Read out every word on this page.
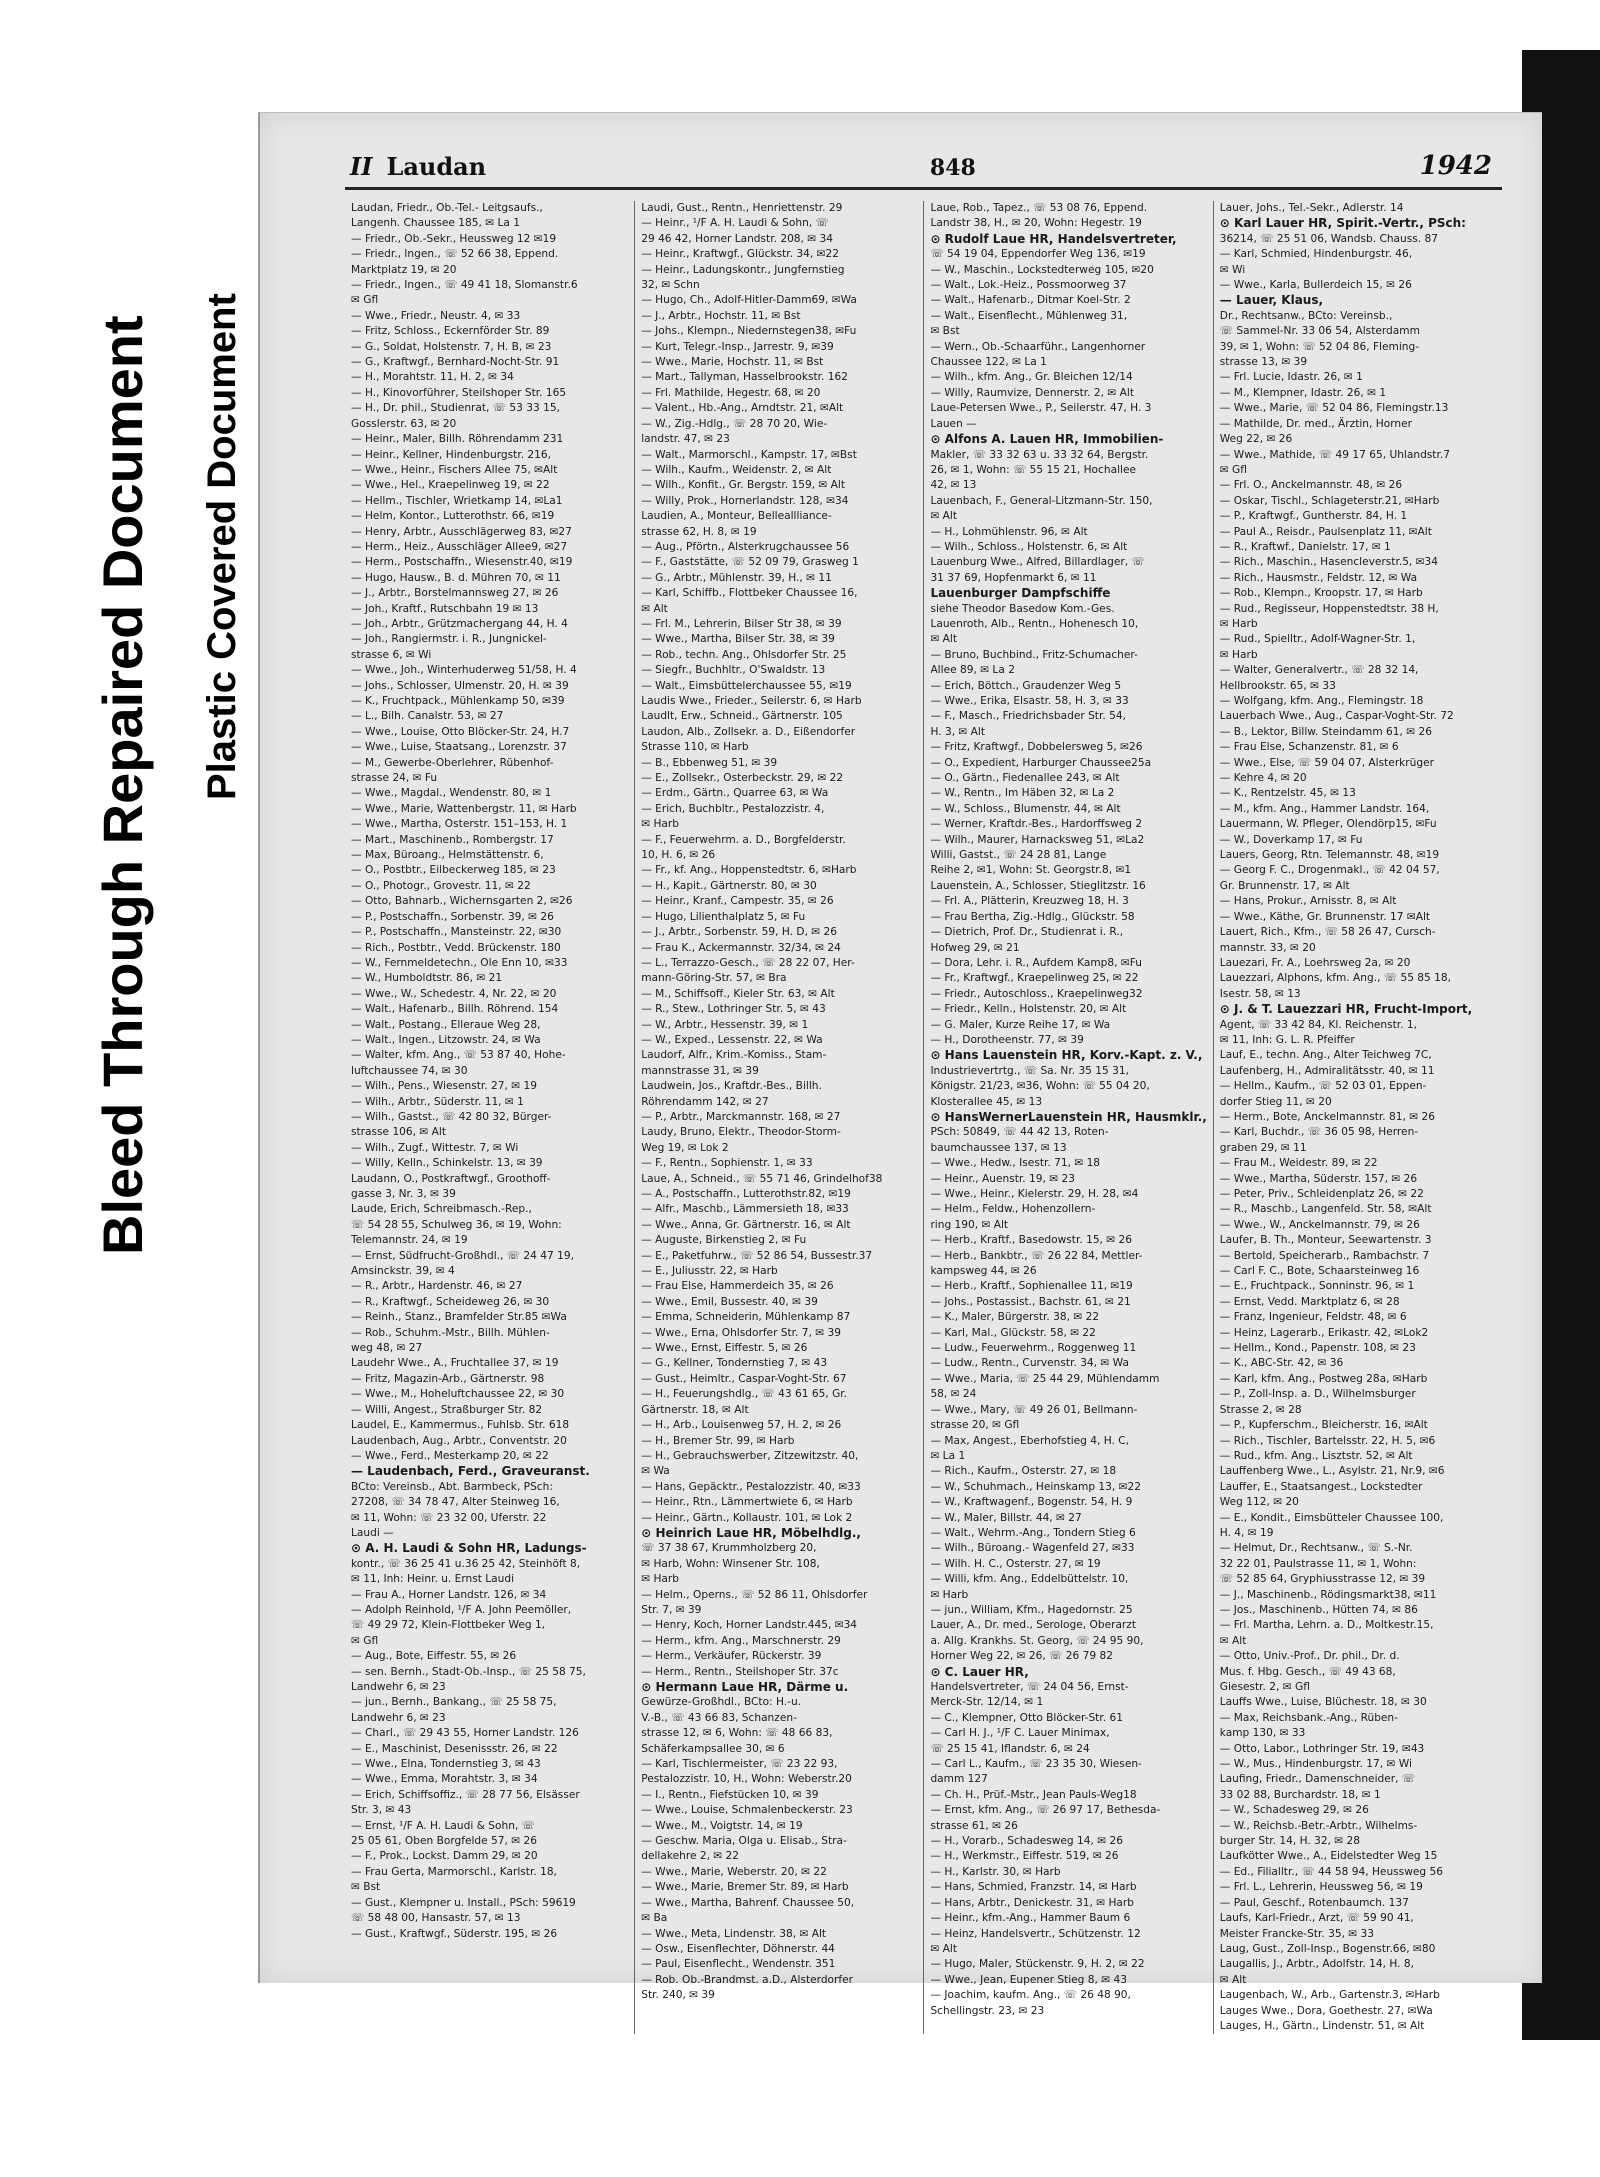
Bleed Through Repaired Document Plastic Covered Document
II Laudan	848	1942
Laudan, Friedr., Ob.-Tel.- Leitgsaufs.,
Langenh. Chaussee 185, ✉ La 1
— Friedr., Ob.-Sekr., Heussweg 12 ✉19
— Friedr., Ingen., ☏ 52 66 38, Eppend.
Marktplatz 19, ✉ 20
— Friedr., Ingen., ☏ 49 41 18, Slomanstr.6
✉ Gfl
— Wwe., Friedr., Neustr. 4, ✉ 33
— Fritz, Schloss., Eckernförder Str. 89
— G., Soldat, Holstenstr. 7, H. B, ✉ 23
— G., Kraftwgf., Bernhard-Nocht-Str. 91
— H., Morahtstr. 11, H. 2, ✉ 34
— H., Kinovorführer, Steilshoper Str. 165
— H., Dr. phil., Studienrat, ☏ 53 33 15,
Gosslerstr. 63, ✉ 20
— Heinr., Maler, Billh. Röhrendamm 231
— Heinr., Kellner, Hindenburgstr. 216,
— Wwe., Heinr., Fischers Allee 75, ✉Alt
— Wwe., Hel., Kraepelinweg 19, ✉ 22
— Hellm., Tischler, Wrietkamp 14, ✉La1
— Helm, Kontor., Lutterothstr. 66, ✉19
— Henry, Arbtr., Ausschlägerweg 83, ✉27
— Herm., Heiz., Ausschläger Allee9, ✉27
— Herm., Postschaffn., Wiesenstr.40, ✉19
— Hugo, Hausw., B. d. Mühren 70, ✉ 11
— J., Arbtr., Borstelmannsweg 27, ✉ 26
— Joh., Kraftf., Rutschbahn 19 ✉ 13
— Joh., Arbtr., Grützmachergang 44, H. 4
— Joh., Rangiermstr. i. R., Jungnickel-
strasse 6, ✉ Wi
— Wwe., Joh., Winterhuderweg 51/58, H. 4
— Johs., Schlosser, Ulmenstr. 20, H. ✉ 39
— K., Fruchtpack., Mühlenkamp 50, ✉39
— L., Bilh. Canalstr. 53, ✉ 27
— Wwe., Louise, Otto Blöcker-Str. 24, H.7
— Wwe., Luise, Staatsang., Lorenzstr. 37
— M., Gewerbe-Oberlehrer, Rübenhof-
strasse 24, ✉ Fu
— Wwe., Magdal., Wendenstr. 80, ✉ 1
— Wwe., Marie, Wattenbergstr. 11, ✉ Harb
— Wwe., Martha, Osterstr. 151–153, H. 1
— Mart., Maschinenb., Rombergstr. 17
— Max, Büroang., Helmstättenstr. 6,
— O., Postbtr., Eilbeckerweg 185, ✉ 23
— O., Photogr., Grovestr. 11, ✉ 22
— Otto, Bahnarb., Wichernsgarten 2, ✉26
— P., Postschaffn., Sorbenstr. 39, ✉ 26
— P., Postschaffn., Mansteinstr. 22, ✉30
— Rich., Postbtr., Vedd. Brückenstr. 180
— W., Fernmeldetechn., Ole Enn 10, ✉33
— W., Humboldtstr. 86, ✉ 21
— Wwe., W., Schedestr. 4, Nr. 22, ✉ 20
— Walt., Hafenarb., Billh. Röhrend. 154
— Walt., Postang., Elleraue Weg 28,
— Walt., Ingen., Litzowstr. 24, ✉ Wa
— Walter, kfm. Ang., ☏ 53 87 40, Hohe-
luftchaussee 74, ✉ 30
— Wilh., Pens., Wiesenstr. 27, ✉ 19
— Wilh., Arbtr., Süderstr. 11, ✉ 1
— Wilh., Gastst., ☏ 42 80 32, Bürger-
strasse 106, ✉ Alt
— Wilh., Zugf., Wittestr. 7, ✉ Wi
— Willy, Kelln., Schinkelstr. 13, ✉ 39
Laudann, O., Postkraftwgf., Groothoff-
gasse 3, Nr. 3, ✉ 39
Laude, Erich, Schreibmasch.-Rep.,
☏ 54 28 55, Schulweg 36, ✉ 19, Wohn:
Telemannstr. 24, ✉ 19
— Ernst, Südfrucht-Großhdl., ☏ 24 47 19,
Amsinckstr. 39, ✉ 4
— R., Arbtr., Hardenstr. 46, ✉ 27
— R., Kraftwgf., Scheideweg 26, ✉ 30
— Reinh., Stanz., Bramfelder Str.85 ✉Wa
— Rob., Schuhm.-Mstr., Billh. Mühlen-
weg 48, ✉ 27
Laudehr Wwe., A., Fruchtallee 37, ✉ 19
— Fritz, Magazin-Arb., Gärtnerstr. 98
— Wwe., M., Hoheluftchaussee 22, ✉ 30
— Willi, Angest., Straßburger Str. 82
Laudel, E., Kammermus., Fuhlsb. Str. 618
Laudenbach, Aug., Arbtr., Conventstr. 20
— Wwe., Ferd., Mesterkamp 20, ✉ 22
— Laudenbach, Ferd., Graveuranst.
BCto: Vereinsb., Abt. Barmbeck, PSch:
27208, ☏ 34 78 47, Alter Steinweg 16,
✉ 11, Wohn: ☏ 23 32 00, Uferstr. 22
Laudi —
⊙ A. H. Laudi & Sohn HR, Ladungs-
kontr., ☏ 36 25 41 u.36 25 42, Steinhöft 8,
✉ 11, Inh: Heinr. u. Ernst Laudi
— Frau A., Horner Landstr. 126, ✉ 34
— Adolph Reinhold, ¹/F A. John Peemöller,
☏ 49 29 72, Klein-Flottbeker Weg 1,
✉ Gfl
— Aug., Bote, Eiffestr. 55, ✉ 26
— sen. Bernh., Stadt-Ob.-Insp., ☏ 25 58 75,
Landwehr 6, ✉ 23
— jun., Bernh., Bankang., ☏ 25 58 75,
Landwehr 6, ✉ 23
— Charl., ☏ 29 43 55, Horner Landstr. 126
— E., Maschinist, Desenissstr. 26, ✉ 22
— Wwe., Elna, Tondernstieg 3, ✉ 43
— Wwe., Emma, Morahtstr. 3, ✉ 34
— Erich, Schiffsoffiz., ☏ 28 77 56, Elsässer
Str. 3, ✉ 43
— Ernst, ¹/F A. H. Laudi & Sohn, ☏
25 05 61, Oben Borgfelde 57, ✉ 26
— F., Prok., Lockst. Damm 29, ✉ 20
— Frau Gerta, Marmorschl., Karlstr. 18,
✉ Bst
— Gust., Klempner u. Install., PSch: 59619
☏ 58 48 00, Hansastr. 57, ✉ 13
— Gust., Kraftwgf., Süderstr. 195, ✉ 26
Laudi, Gust., Rentn., Henriettenstr. 29
— Heinr., ¹/F A. H. Laudi & Sohn, ☏
29 46 42, Horner Landstr. 208, ✉ 34
— Heinr., Kraftwgf., Glückstr. 34, ✉22
— Heinr., Ladungskontr., Jungfernstieg
32, ✉ Schn
— Hugo, Ch., Adolf-Hitler-Damm69, ✉Wa
— J., Arbtr., Hochstr. 11, ✉ Bst
— Johs., Klempn., Niedernstegen38, ✉Fu
— Kurt, Telegr.-Insp., Jarrestr. 9, ✉39
— Wwe., Marie, Hochstr. 11, ✉ Bst
— Mart., Tallyman, Hasselbrookstr. 162
— Frl. Mathilde, Hegestr. 68, ✉ 20
— Valent., Hb.-Ang., Arndtstr. 21, ✉Alt
— W., Zig.-Hdlg., ☏ 28 70 20, Wie-
landstr. 47, ✉ 23
— Walt., Marmorschl., Kampstr. 17, ✉Bst
— Wilh., Kaufm., Weidenstr. 2, ✉ Alt
— Wilh., Konfit., Gr. Bergstr. 159, ✉ Alt
— Willy, Prok., Hornerlandstr. 128, ✉34
Laudien, A., Monteur, Belleallliance-
strasse 62, H. 8, ✉ 19
— Aug., Pförtn., Alsterkrugchaussee 56
— F., Gaststätte, ☏ 52 09 79, Grasweg 1
— G., Arbtr., Mühlenstr. 39, H., ✉ 11
— Karl, Schiffb., Flottbeker Chaussee 16,
✉ Alt
— Frl. M., Lehrerin, Bilser Str 38, ✉ 39
— Wwe., Martha, Bilser Str. 38, ✉ 39
— Rob., techn. Ang., Ohlsdorfer Str. 25
— Siegfr., Buchhltr., O'Swaldstr. 13
— Walt., Eimsbüttelerchaussee 55, ✉19
Laudis Wwe., Frieder., Seilerstr. 6, ✉ Harb
Laudlt, Erw., Schneid., Gärtnerstr. 105
Laudon, Alb., Zollsekr. a. D., Eißendorfer
Strasse 110, ✉ Harb
— B., Ebbenweg 51, ✉ 39
— E., Zollsekr., Osterbeckstr. 29, ✉ 22
— Erdm., Gärtn., Quarree 63, ✉ Wa
— Erich, Buchbltr., Pestalozzistr. 4,
✉ Harb
— F., Feuerwehrm. a. D., Borgfelderstr.
10, H. 6, ✉ 26
— Fr., kf. Ang., Hoppenstedtstr. 6, ✉Harb
— H., Kapit., Gärtnerstr. 80, ✉ 30
— Heinr., Kranf., Campestr. 35, ✉ 26
— Hugo, Lilienthalplatz 5, ✉ Fu
— J., Arbtr., Sorbenstr. 59, H. D, ✉ 26
— Frau K., Ackermannstr. 32/34, ✉ 24
— L., Terrazzo-Gesch., ☏ 28 22 07, Her-
mann-Göring-Str. 57, ✉ Bra
— M., Schiffsoff., Kieler Str. 63, ✉ Alt
— R., Stew., Lothringer Str. 5, ✉ 43
— W., Arbtr., Hessenstr. 39, ✉ 1
— W., Exped., Lessenstr. 22, ✉ Wa
Laudorf, Alfr., Krim.-Komiss., Stam-
mannstrasse 31, ✉ 39
Laudwein, Jos., Kraftdr.-Bes., Billh.
Röhrendamm 142, ✉ 27
— P., Arbtr., Marckmannstr. 168, ✉ 27
Laudy, Bruno, Elektr., Theodor-Storm-
Weg 19, ✉ Lok 2
— F., Rentn., Sophienstr. 1, ✉ 33
Laue, A., Schneid., ☏ 55 71 46, Grindelhof38
— A., Postschaffn., Lutterothstr.82, ✉19
— Alfr., Maschb., Lämmersieth 18, ✉33
— Wwe., Anna, Gr. Gärtnerstr. 16, ✉ Alt
— Auguste, Birkenstieg 2, ✉ Fu
— E., Paketfuhrw., ☏ 52 86 54, Bussestr.37
— E., Juliusstr. 22, ✉ Harb
— Frau Else, Hammerdeich 35, ✉ 26
— Wwe., Emil, Bussestr. 40, ✉ 39
— Emma, Schneiderin, Mühlenkamp 87
— Wwe., Erna, Ohlsdorfer Str. 7, ✉ 39
— Wwe., Ernst, Eiffestr. 5, ✉ 26
— G., Kellner, Tondernstieg 7, ✉ 43
— Gust., Heimltr., Caspar-Voght-Str. 67
— H., Feuerungshdlg., ☏ 43 61 65, Gr.
Gärtnerstr. 18, ✉ Alt
— H., Arb., Louisenweg 57, H. 2, ✉ 26
— H., Bremer Str. 99, ✉ Harb
— H., Gebrauchswerber, Zitzewitzstr. 40,
✉ Wa
— Hans, Gepäcktr., Pestalozzistr. 40, ✉33
— Heinr., Rtn., Lämmertwiete 6, ✉ Harb
— Heinr., Gärtn., Kollaustr. 101, ✉ Lok 2
⊙ Heinrich Laue HR, Möbelhdlg.,
☏ 37 38 67, Krummholzberg 20,
✉ Harb, Wohn: Winsener Str. 108,
✉ Harb
— Helm., Operns., ☏ 52 86 11, Ohlsdorfer
Str. 7, ✉ 39
— Henry, Koch, Horner Landstr.445, ✉34
— Herm., kfm. Ang., Marschnerstr. 29
— Herm., Verkäufer, Rückerstr. 39
— Herm., Rentn., Steilshoper Str. 37c
⊙ Hermann Laue HR, Därme u.
Gewürze-Großhdl., BCto: H.-u.
V.-B., ☏ 43 66 83, Schanzen-
strasse 12, ✉ 6, Wohn: ☏ 48 66 83,
Schäferkampsallee 30, ✉ 6
— Karl, Tischlermeister, ☏ 23 22 93,
Pestalozzistr. 10, H., Wohn: Weberstr.20
— I., Rentn., Fiefstücken 10, ✉ 39
— Wwe., Louise, Schmalenbeckerstr. 23
— Wwe., M., Voigtstr. 14, ✉ 19
— Geschw. Maria, Olga u. Elisab., Stra-
dellakehre 2, ✉ 22
— Wwe., Marie, Weberstr. 20, ✉ 22
— Wwe., Marie, Bremer Str. 89, ✉ Harb
— Wwe., Martha, Bahrenf. Chaussee 50,
✉ Ba
— Wwe., Meta, Lindenstr. 38, ✉ Alt
— Osw., Eisenflechter, Döhnerstr. 44
— Paul, Eisenflecht., Wendenstr. 351
— Rob. Ob.-Brandmst. a.D., Alsterdorfer
Str. 240, ✉ 39
Laue, Rob., Tapez., ☏ 53 08 76, Eppend.
Landstr 38, H., ✉ 20, Wohn: Hegestr. 19
⊙ Rudolf Laue HR, Handelsvertreter,
☏ 54 19 04, Eppendorfer Weg 136, ✉19
— W., Maschin., Lockstedterweg 105, ✉20
— Walt., Lok.-Heiz., Possmoorweg 37
— Walt., Hafenarb., Ditmar Koel-Str. 2
— Walt., Eisenflecht., Mühlenweg 31,
✉ Bst
— Wern., Ob.-Schaarführ., Langenhorner
Chaussee 122, ✉ La 1
— Wilh., kfm. Ang., Gr. Bleichen 12/14
— Willy, Raumvize, Dennerstr. 2, ✉ Alt
Laue-Petersen Wwe., P., Seilerstr. 47, H. 3
Lauen —
⊙ Alfons A. Lauen HR, Immobilien-
Makler, ☏ 33 32 63 u. 33 32 64, Bergstr.
26, ✉ 1, Wohn: ☏ 55 15 21, Hochallee
42, ✉ 13
Lauenbach, F., General-Litzmann-Str. 150,
✉ Alt
— H., Lohmühlenstr. 96, ✉ Alt
— Wilh., Schloss., Holstenstr. 6, ✉ Alt
Lauenburg Wwe., Alfred, Billardlager, ☏
31 37 69, Hopfenmarkt 6, ✉ 11
Lauenburger Dampfschiffe
siehe Theodor Basedow Kom.-Ges.
Lauenroth, Alb., Rentn., Hohenesch 10,
✉ Alt
— Bruno, Buchbind., Fritz-Schumacher-
Allee 89, ✉ La 2
— Erich, Böttch., Graudenzer Weg 5
— Wwe., Erika, Elsastr. 58, H. 3, ✉ 33
— F., Masch., Friedrichsbader Str. 54,
H. 3, ✉ Alt
— Fritz, Kraftwgf., Dobbelersweg 5, ✉26
— O., Expedient, Harburger Chaussee25a
— O., Gärtn., Fiedenallee 243, ✉ Alt
— W., Rentn., Im Häben 32, ✉ La 2
— W., Schloss., Blumenstr. 44, ✉ Alt
— Werner, Kraftdr.-Bes., Hardorffsweg 2
— Wilh., Maurer, Harnacksweg 51, ✉La2
Willi, Gastst., ☏ 24 28 81, Lange
Reihe 2, ✉1, Wohn: St. Georgstr.8, ✉1
Lauenstein, A., Schlosser, Stieglitzstr. 16
— Frl. A., Plätterin, Kreuzweg 18, H. 3
— Frau Bertha, Zig.-Hdlg., Glückstr. 58
— Dietrich, Prof. Dr., Studienrat i. R.,
Hofweg 29, ✉ 21
— Dora, Lehr. i. R., Aufdem Kamp8, ✉Fu
— Fr., Kraftwgf., Kraepelinweg 25, ✉ 22
— Friedr., Autoschloss., Kraepelinweg32
— Friedr., Kelln., Holstenstr. 20, ✉ Alt
— G. Maler, Kurze Reihe 17, ✉ Wa
— H., Dorotheenstr. 77, ✉ 39
⊙ Hans Lauenstein HR, Korv.-Kapt. z. V.,
Industrievertrtg., ☏ Sa. Nr. 35 15 31,
Königstr. 21/23, ✉36, Wohn: ☏ 55 04 20,
Klosterallee 45, ✉ 13
⊙ HansWernerLauenstein HR, Hausmklr.,
PSch: 50849, ☏ 44 42 13, Roten-
baumchaussee 137, ✉ 13
— Wwe., Hedw., Isestr. 71, ✉ 18
— Heinr., Auenstr. 19, ✉ 23
— Wwe., Heinr., Kielerstr. 29, H. 28, ✉4
— Helm., Feldw., Hohenzollern-
ring 190, ✉ Alt
— Herb., Kraftf., Basedowstr. 15, ✉ 26
— Herb., Bankbtr., ☏ 26 22 84, Mettler-
kampsweg 44, ✉ 26
— Herb., Kraftf., Sophienallee 11, ✉19
— Johs., Postassist., Bachstr. 61, ✉ 21
— K., Maler, Bürgerstr. 38, ✉ 22
— Karl, Mal., Glückstr. 58, ✉ 22
— Ludw., Feuerwehrm., Roggenweg 11
— Ludw., Rentn., Curvenstr. 34, ✉ Wa
— Wwe., Maria, ☏ 25 44 29, Mühlendamm
58, ✉ 24
— Wwe., Mary, ☏ 49 26 01, Bellmann-
strasse 20, ✉ Gfl
— Max, Angest., Eberhofstieg 4, H. C,
✉ La 1
— Rich., Kaufm., Osterstr. 27, ✉ 18
— W., Schuhmach., Heinskamp 13, ✉22
— W., Kraftwagenf., Bogenstr. 54, H. 9
— W., Maler, Billstr. 44, ✉ 27
— Walt., Wehrm.-Ang., Tondern Stieg 6
— Wilh., Büroang.- Wagenfeld 27, ✉33
— Wilh. H. C., Osterstr. 27, ✉ 19
— Willi, kfm. Ang., Eddelbüttelstr. 10,
✉ Harb
— jun., William, Kfm., Hagedornstr. 25
Lauer, A., Dr. med., Serologe, Oberarzt
a. Allg. Krankhs. St. Georg, ☏ 24 95 90,
Horner Weg 22, ✉ 26, ☏ 26 79 82
⊙ C. Lauer HR,
Handelsvertreter, ☏ 24 04 56, Ernst-
Merck-Str. 12/14, ✉ 1
— C., Klempner, Otto Blöcker-Str. 61
— Carl H. J., ¹/F C. Lauer Minimax,
☏ 25 15 41, Iflandstr. 6, ✉ 24
— Carl L., Kaufm., ☏ 23 35 30, Wiesen-
damm 127
— Ch. H., Prüf.-Mstr., Jean Pauls-Weg18
— Ernst, kfm. Ang., ☏ 26 97 17, Bethesda-
strasse 61, ✉ 26
— H., Vorarb., Schadesweg 14, ✉ 26
— H., Werkmstr., Eiffestr. 519, ✉ 26
— H., Karlstr. 30, ✉ Harb
— Hans, Schmied, Franzstr. 14, ✉ Harb
— Hans, Arbtr., Denickestr. 31, ✉ Harb
— Heinr., kfm.-Ang., Hammer Baum 6
— Heinz, Handelsvertr., Schützenstr. 12
✉ Alt
— Hugo, Maler, Stückenstr. 9, H. 2, ✉ 22
— Wwe., Jean, Eupener Stieg 8, ✉ 43
— Joachim, kaufm. Ang., ☏ 26 48 90,
Schellingstr. 23, ✉ 23
Lauer, Johs., Tel.-Sekr., Adlerstr. 14
⊙ Karl Lauer HR, Spirit.-Vertr., PSch:
36214, ☏ 25 51 06, Wandsb. Chauss. 87
— Karl, Schmied, Hindenburgstr. 46,
✉ Wi
— Wwe., Karla, Bullerdeich 15, ✉ 26
— Lauer, Klaus,
Dr., Rechtsanw., BCto: Vereinsb.,
☏ Sammel-Nr. 33 06 54, Alsterdamm
39, ✉ 1, Wohn: ☏ 52 04 86, Fleming-
strasse 13, ✉ 39
— Frl. Lucie, Idastr. 26, ✉ 1
— M., Klempner, Idastr. 26, ✉ 1
— Wwe., Marie, ☏ 52 04 86, Flemingstr.13
— Mathilde, Dr. med., Ärztin, Horner
Weg 22, ✉ 26
— Wwe., Mathide, ☏ 49 17 65, Uhlandstr.7
✉ Gfl
— Frl. O., Anckelmannstr. 48, ✉ 26
— Oskar, Tischl., Schlageterstr.21, ✉Harb
— P., Kraftwgf., Guntherstr. 84, H. 1
— Paul A., Reisdr., Paulsenplatz 11, ✉Alt
— R., Kraftwf., Danielstr. 17, ✉ 1
— Rich., Maschin., Hasencleverstr.5, ✉34
— Rich., Hausmstr., Feldstr. 12, ✉ Wa
— Rob., Klempn., Kroopstr. 17, ✉ Harb
— Rud., Regisseur, Hoppenstedtstr. 38 H,
✉ Harb
— Rud., Spielltr., Adolf-Wagner-Str. 1,
✉ Harb
— Walter, Generalvertr., ☏ 28 32 14,
Hellbrookstr. 65, ✉ 33
— Wolfgang, kfm. Ang., Flemingstr. 18
Lauerbach Wwe., Aug., Caspar-Voght-Str. 72
— B., Lektor, Billw. Steindamm 61, ✉ 26
— Frau Else, Schanzenstr. 81, ✉ 6
— Wwe., Else, ☏ 59 04 07, Alsterkrüger
— Kehre 4, ✉ 20
— K., Rentzelstr. 45, ✉ 13
— M., kfm. Ang., Hammer Landstr. 164,
Lauermann, W. Pfleger, Olendörp15, ✉Fu
— W., Doverkamp 17, ✉ Fu
Lauers, Georg, Rtn. Telemannstr. 48, ✉19
— Georg F. C., Drogenmakl., ☏ 42 04 57,
Gr. Brunnenstr. 17, ✉ Alt
— Hans, Prokur., Arnisstr. 8, ✉ Alt
— Wwe., Käthe, Gr. Brunnenstr. 17 ✉Alt
Lauert, Rich., Kfm., ☏ 58 26 47, Cursch-
mannstr. 33, ✉ 20
Lauezari, Fr. A., Loehrsweg 2a, ✉ 20
Lauezzari, Alphons, kfm. Ang., ☏ 55 85 18,
Isestr. 58, ✉ 13
⊙ J. & T. Lauezzari HR, Frucht-Import,
Agent, ☏ 33 42 84, Kl. Reichenstr. 1,
✉ 11, Inh: G. L. R. Pfeiffer
Lauf, E., techn. Ang., Alter Teichweg 7C,
Laufenberg, H., Admiralitätsstr. 40, ✉ 11
— Hellm., Kaufm., ☏ 52 03 01, Eppen-
dorfer Stieg 11, ✉ 20
— Herm., Bote, Anckelmannstr. 81, ✉ 26
— Karl, Buchdr., ☏ 36 05 98, Herren-
graben 29, ✉ 11
— Frau M., Weidestr. 89, ✉ 22
— Wwe., Martha, Süderstr. 157, ✉ 26
— Peter, Priv., Schleidenplatz 26, ✉ 22
— R., Maschb., Langenfeld. Str. 58, ✉Alt
— Wwe., W., Anckelmannstr. 79, ✉ 26
Laufer, B. Th., Monteur, Seewartenstr. 3
— Bertold, Speicherarb., Rambachstr. 7
— Carl F. C., Bote, Schaarsteinweg 16
— E., Fruchtpack., Sonninstr. 96, ✉ 1
— Ernst, Vedd. Marktplatz 6, ✉ 28
— Franz, Ingenieur, Feldstr. 48, ✉ 6
— Heinz, Lagerarb., Erikastr. 42, ✉Lok2
— Hellm., Kond., Papenstr. 108, ✉ 23
— K., ABC-Str. 42, ✉ 36
— Karl, kfm. Ang., Postweg 28a, ✉Harb
— P., Zoll-Insp. a. D., Wilhelmsburger
Strasse 2, ✉ 28
— P., Kupferschm., Bleicherstr. 16, ✉Alt
— Rich., Tischler, Bartelsstr. 22, H. 5, ✉6
— Rud., kfm. Ang., Lisztstr. 52, ✉ Alt
Lauffenberg Wwe., L., Asylstr. 21, Nr.9, ✉6
Lauffer, E., Staatsangest., Lockstedter
Weg 112, ✉ 20
— E., Kondit., Eimsbütteler Chaussee 100,
H. 4, ✉ 19
— Helmut, Dr., Rechtsanw., ☏ S.-Nr.
32 22 01, Paulstrasse 11, ✉ 1, Wohn:
☏ 52 85 64, Gryphiusstrasse 12, ✉ 39
— J., Maschinenb., Rödingsmarkt38, ✉11
— Jos., Maschinenb., Hütten 74, ✉ 86
— Frl. Martha, Lehrn. a. D., Moltkestr.15,
✉ Alt
— Otto, Univ.-Prof., Dr. phil., Dr. d.
Mus. f. Hbg. Gesch., ☏ 49 43 68,
Giesestr. 2, ✉ Gfl
Lauffs Wwe., Luise, Blüchestr. 18, ✉ 30
— Max, Reichsbank.-Ang., Rüben-
kamp 130, ✉ 33
— Otto, Labor., Lothringer Str. 19, ✉43
— W., Mus., Hindenburgstr. 17, ✉ Wi
Laufing, Friedr., Damenschneider, ☏
33 02 88, Burchardstr. 18, ✉ 1
— W., Schadesweg 29, ✉ 26
— W., Reichsb.-Betr.-Arbtr., Wilhelms-
burger Str. 14, H. 32, ✉ 28
Laufkötter Wwe., A., Eidelstedter Weg 15
— Ed., Filialltr., ☏ 44 58 94, Heussweg 56
— Frl. L., Lehrerin, Heussweg 56, ✉ 19
— Paul, Geschf., Rotenbaumch. 137
Laufs, Karl-Friedr., Arzt, ☏ 59 90 41,
Meister Francke-Str. 35, ✉ 33
Laug, Gust., Zoll-Insp., Bogenstr.66, ✉80
Laugallis, J., Arbtr., Adolfstr. 14, H. 8,
✉ Alt
Laugenbach, W., Arb., Gartenstr.3, ✉Harb
Lauges Wwe., Dora, Goethestr. 27, ✉Wa
Lauges, H., Gärtn., Lindenstr. 51, ✉ Alt
